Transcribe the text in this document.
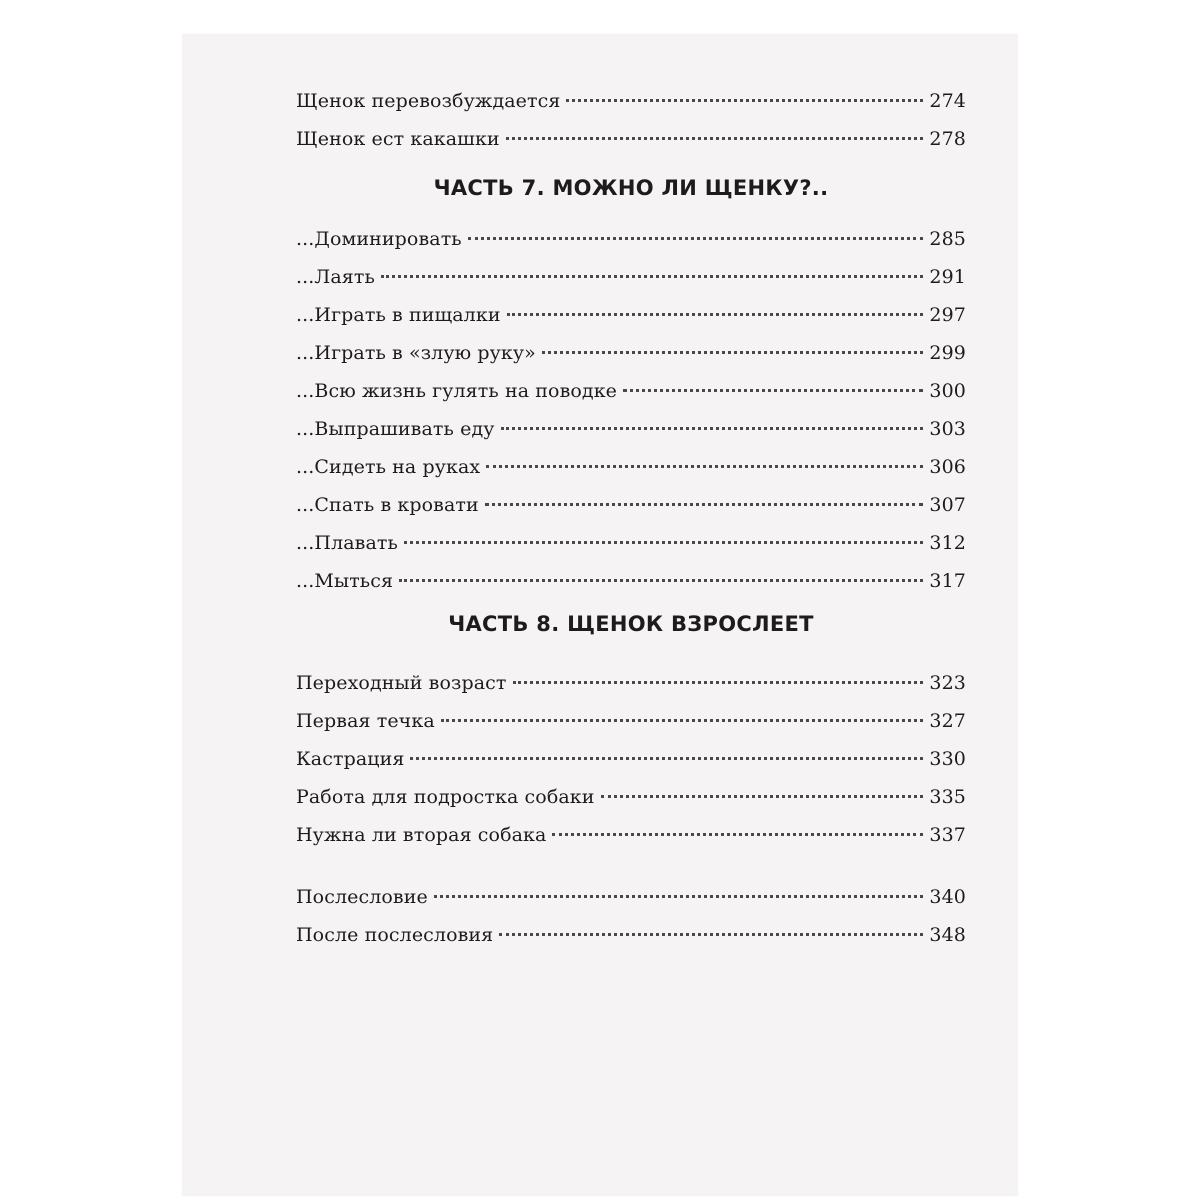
Щенок перевозбуждается	274
Щенок ест какашки	278
ЧАСТЬ 7. МОЖНО ЛИ ЩЕНКУ?..
...Доминировать	285
...Лаять	291
...Играть в пищалки	297
...Играть в «злую руку»	299
...Всю жизнь гулять на поводке	300
...Выпрашивать еду	303
...Сидеть на руках	306
...Спать в кровати	307
...Плавать	312
...Мыться	317
ЧАСТЬ 8. ЩЕНОК ВЗРОСЛЕЕТ
Переходный возраст	323
Первая течка	327
Кастрация	330
Работа для подростка собаки	335
Нужна ли вторая собака	337
Послесловие	340
После послесловия	348
